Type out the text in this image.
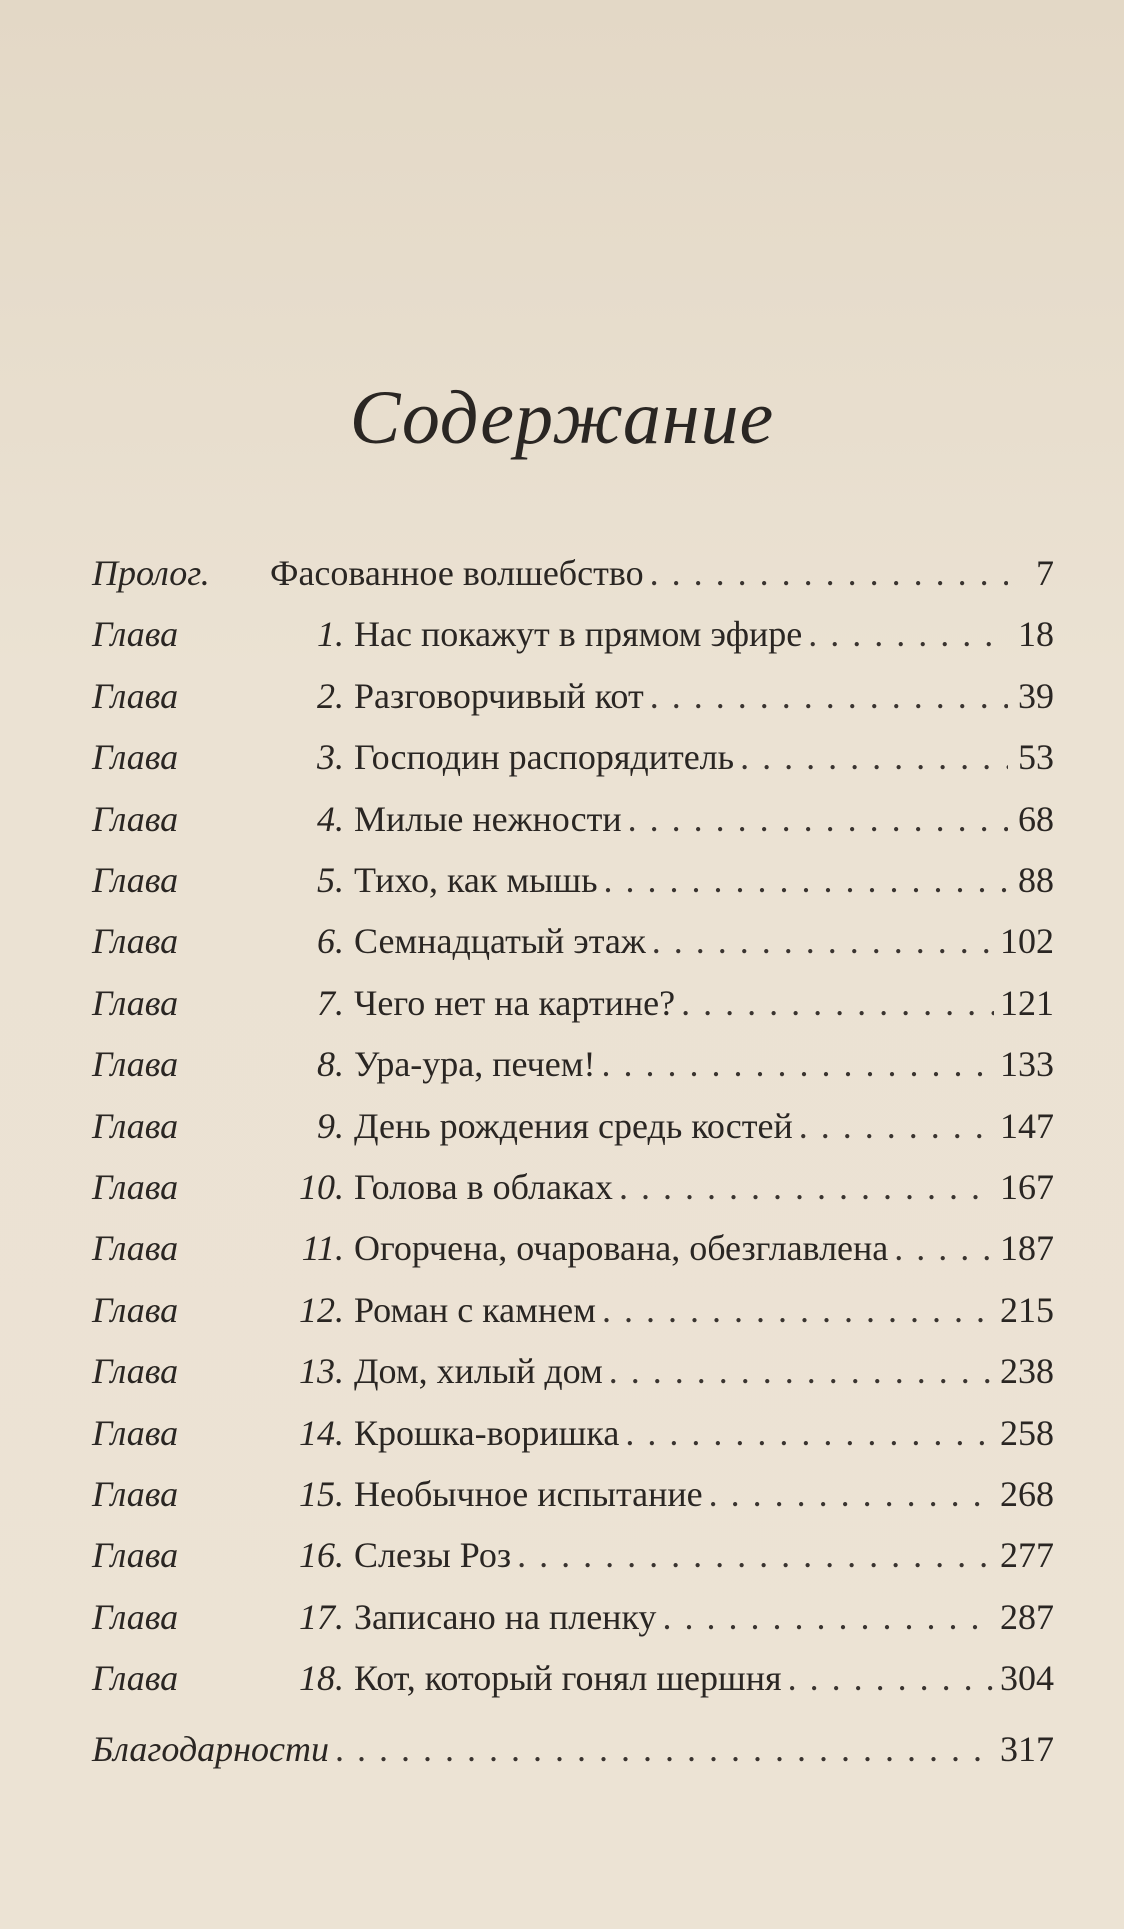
Содержание
Пролог.	Фасованное волшебство . . .	7
Глава	1. Нас покажут в прямом эфире . . .	18
Глава	2. Разговорчивый кот . . .	39
Глава	3. Господин распорядитель . . .	53
Глава	4. Милые нежности . . .	68
Глава	5. Тихо, как мышь . . .	88
Глава	6. Семнадцатый этаж . . .	102
Глава	7. Чего нет на картине? . . .	121
Глава	8. Ура-ура, печем! . . .	133
Глава	9. День рождения средь костей . . .	147
Глава	10. Голова в облаках . . .	167
Глава	11. Огорчена, очарована, обезглавлена . . .	187
Глава	12. Роман с камнем . . .	215
Глава	13. Дом, хилый дом . . .	238
Глава	14. Крошка-воришка . . .	258
Глава	15. Необычное испытание . . .	268
Глава	16. Слезы Роз . . .	277
Глава	17. Записано на пленку . . .	287
Глава	18. Кот, который гонял шершня . . .	304
Благодарности . . .	317
